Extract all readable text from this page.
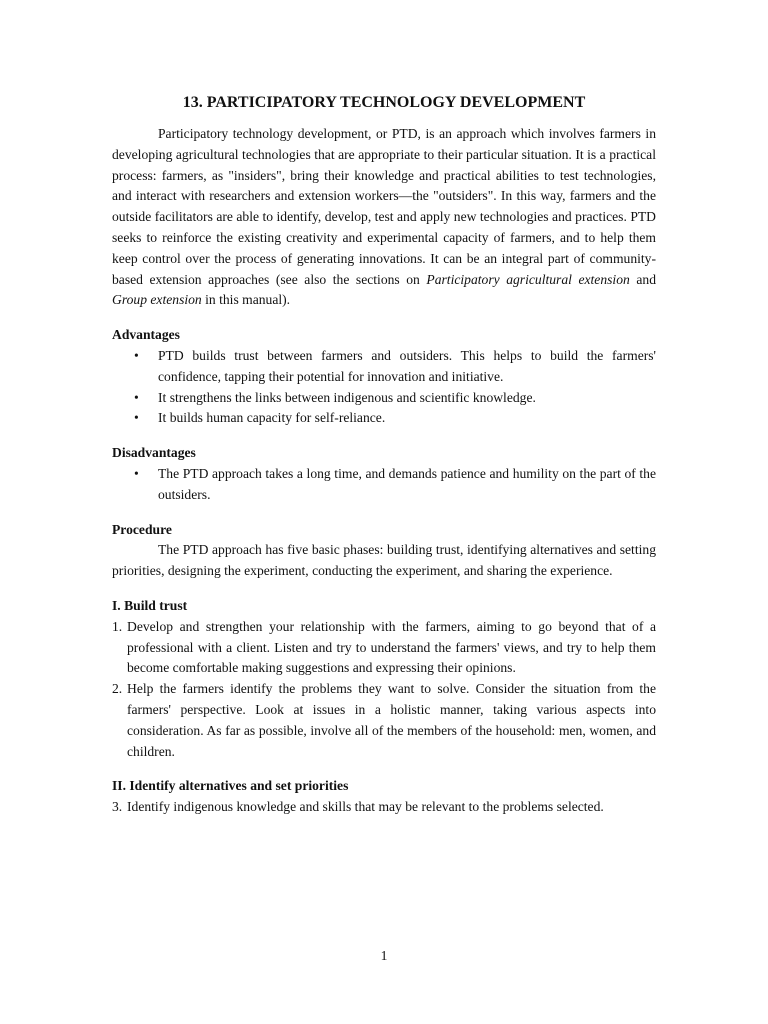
13. PARTICIPATORY TECHNOLOGY DEVELOPMENT

Participatory technology development, or PTD, is an approach which involves farmers in developing agricultural technologies that are appropriate to their particular situation. It is a practical process: farmers, as "insiders", bring their knowledge and practical abilities to test technologies, and interact with researchers and extension workers—the "outsiders". In this way, farmers and the outside facilitators are able to identify, develop, test and apply new technologies and practices. PTD seeks to reinforce the existing creativity and experimental capacity of farmers, and to help them keep control over the process of generating innovations. It can be an integral part of community-based extension approaches (see also the sections on Participatory agricultural extension and Group extension in this manual).

Advantages
• PTD builds trust between farmers and outsiders. This helps to build the farmers' confidence, tapping their potential for innovation and initiative.
• It strengthens the links between indigenous and scientific knowledge.
• It builds human capacity for self-reliance.
Disadvantages
• The PTD approach takes a long time, and demands patience and humility on the part of the outsiders.
Procedure

The PTD approach has five basic phases: building trust, identifying alternatives and setting priorities, designing the experiment, conducting the experiment, and sharing the experience.

I. Build trust
1. Develop and strengthen your relationship with the farmers, aiming to go beyond that of a professional with a client. Listen and try to understand the farmers' views, and try to help them become comfortable making suggestions and expressing their opinions.
2. Help the farmers identify the problems they want to solve. Consider the situation from the farmers' perspective. Look at issues in a holistic manner, taking various aspects into consideration. As far as possible, involve all of the members of the household: men, women, and children.
II. Identify alternatives and set priorities
3. Identify indigenous knowledge and skills that may be relevant to the problems selected.
1
